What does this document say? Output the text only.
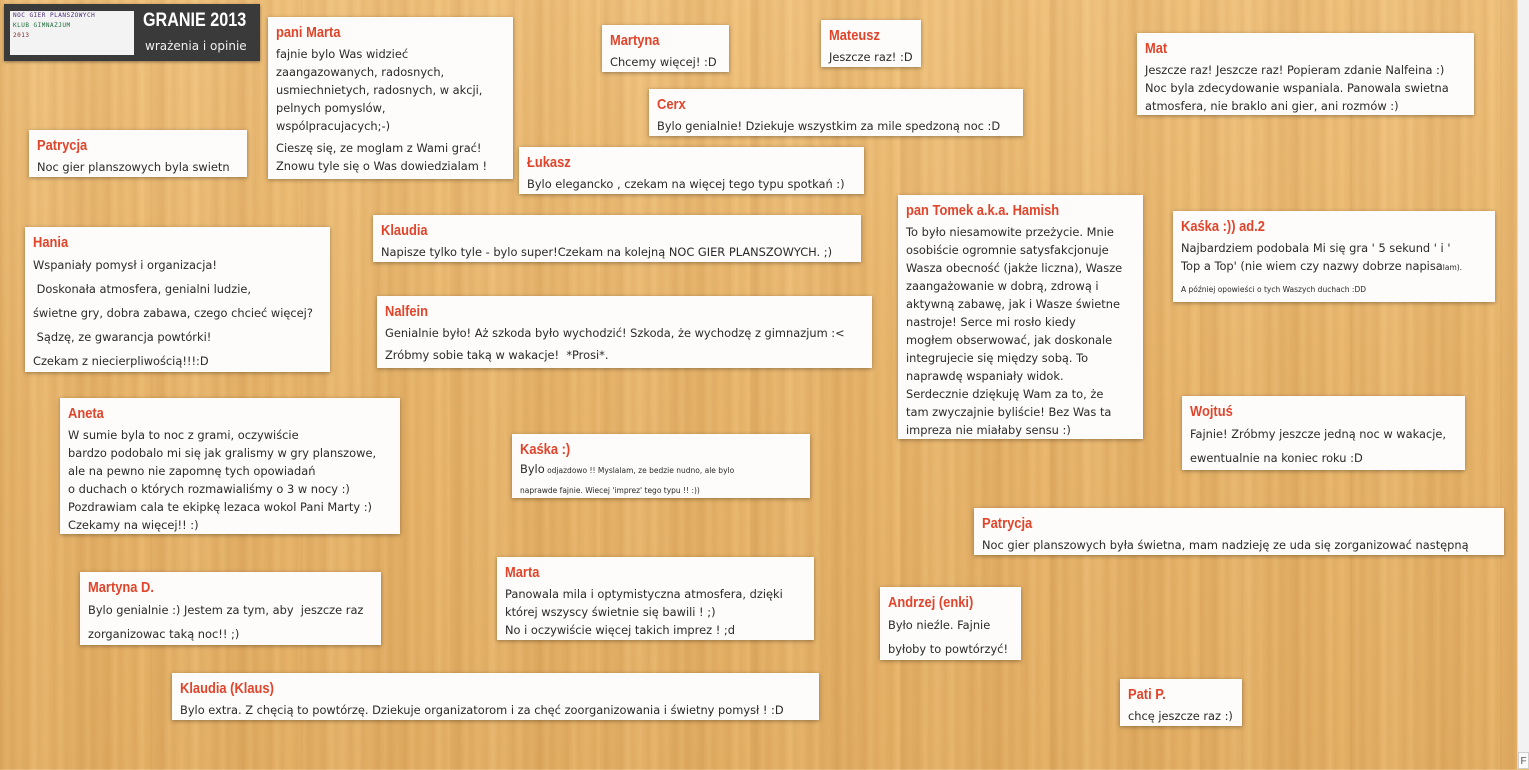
NOC GIER PLANSZOWYCH
KLUB GIMNAZJUM
2013
GRANIE 2013
wrażenia i opinie
pani Marta
fajnie bylo Was widzieć
zaangazowanych, radosnych,
usmiechnietych, radosnych, w akcji,
pelnych pomyslów,
wspólpracujacych;-)
Cieszę się, ze moglam z Wami grać!
Znowu tyle się o Was dowiedzialam !
Patrycja
Noc gier planszowych byla swietn
Martyna
Chcemy więcej! :D
Mateusz
Jeszcze raz! :D	Mat
Jeszcze raz! Jeszcze raz! Popieram zdanie Nalfeina :)
Noc byla zdecydowanie wspaniala. Panowala swietna
atmosfera, nie braklo ani gier, ani rozmów :)
Cerx
Bylo genialnie! Dziekuje wszystkim za mile spedzoną noc :D
Łukasz
Bylo elegancko , czekam na więcej tego typu spotkań :)
Klaudia
Napisze tylko tyle - bylo super!Czekam na kolejną NOC GIER PLANSZOWYCH. ;)
Hania
Wspaniały pomysł i organizacja!
Doskonała atmosfera, genialni ludzie,
świetne gry, dobra zabawa, czego chcieć więcej?
Sądzę, ze gwarancja powtórki!
Czekam z niecierpliwością!!!:D
Nalfein
Genialnie było! Aż szkoda było wychodzić! Szkoda, że wychodzę z gimnazjum :<
Zróbmy sobie taką w wakacje!  *Prosi*.
pan Tomek a.k.a. Hamish
To było niesamowite przeżycie. Mnie
osobiście ogromnie satysfakcjonuje
Wasza obecność (jakże liczna), Wasze
zaangażowanie w dobrą, zdrową i
aktywną zabawę, jak i Wasze świetne
nastroje! Serce mi rosło kiedy
mogłem obserwować, jak doskonale
integrujecie się między sobą. To
naprawdę wspaniały widok.
Serdecznie dziękuję Wam za to, że
tam zwyczajnie byliście! Bez Was ta
impreza nie miałaby sensu :)
Kaśka :)) ad.2
Najbardziem podobala Mi się gra ' 5 sekund ' i '
Top a Top' (nie wiem czy nazwy dobrze napisalam).
A później opowieści o tych Waszych duchach :DD
Aneta
W sumie byla to noc z grami, oczywiście
bardzo podobalo mi się jak gralismy w gry planszowe,
ale na pewno nie zapomnę tych opowiadań
o duchach o których rozmawialiśmy o 3 w nocy :)
Pozdrawiam cala te ekipkę lezaca wokol Pani Marty :)
Czekamy na więcej!! :)
Kaśka :)
Bylo odjazdowo !! Myslalam, ze bedzie nudno, ale bylo
naprawde fajnie. Wiecej 'imprez' tego typu !! :))
Wojtuś
Fajnie! Zróbmy jeszcze jedną noc w wakacje,
ewentualnie na koniec roku :D
Patrycja
Noc gier planszowych była świetna, mam nadzieję ze uda się zorganizować następną
Martyna D.
Bylo genialnie :) Jestem za tym, aby  jeszcze raz
zorganizowac taką noc!! ;)
Marta
Panowala mila i optymistyczna atmosfera, dzięki
której wszyscy świetnie się bawili ! ;)
No i oczywiście więcej takich imprez ! ;d
Andrzej (enki)
Było nieźle. Fajnie
byłoby to powtórzyć!
Klaudia (Klaus)
Bylo extra. Z chęcią to powtórzę. Dziekuje organizatorom i za chęć zoorganizowania i świetny pomysł ! :D
Pati P.
chcę jeszcze raz :)
F
